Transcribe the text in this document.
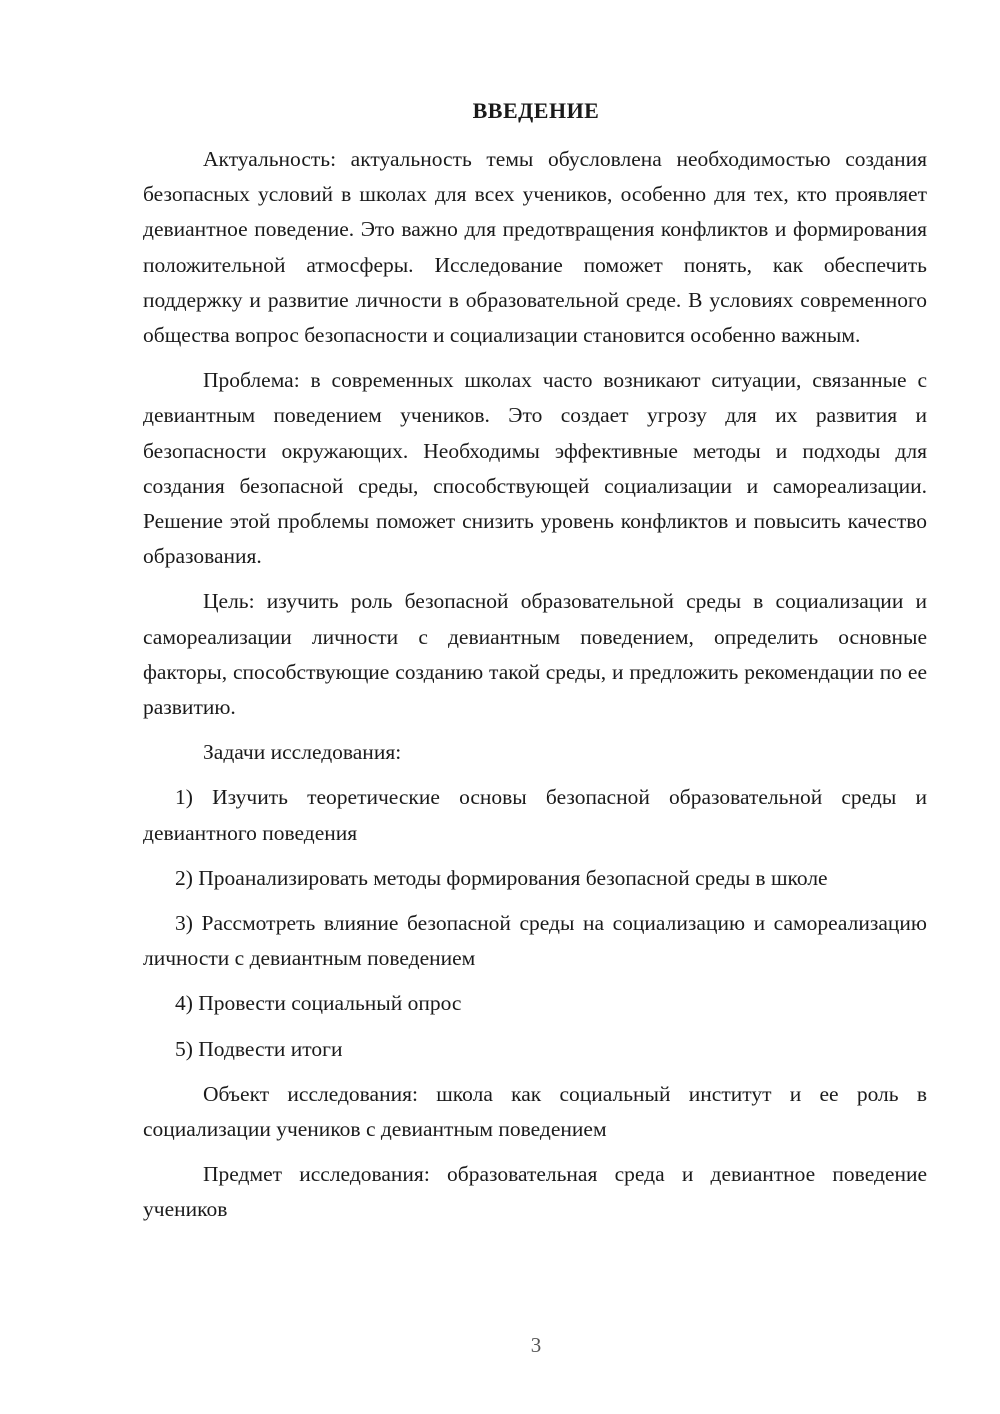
ВВЕДЕНИЕ

Актуальность: актуальность темы обусловлена необходимостью создания безопасных условий в школах для всех учеников, особенно для тех, кто проявляет девиантное поведение. Это важно для предотвращения конфликтов и формирования положительной атмосферы. Исследование поможет понять, как обеспечить поддержку и развитие личности в образовательной среде. В условиях современного общества вопрос безопасности и социализации становится особенно важным.

Проблема: в современных школах часто возникают ситуации, связанные с девиантным поведением учеников. Это создает угрозу для их развития и безопасности окружающих. Необходимы эффективные методы и подходы для создания безопасной среды, способствующей социализации и самореализации. Решение этой проблемы поможет снизить уровень конфликтов и повысить качество образования.

Цель: изучить роль безопасной образовательной среды в социализации и самореализации личности с девиантным поведением, определить основные факторы, способствующие созданию такой среды, и предложить рекомендации по ее развитию.

Задачи исследования:

1) Изучить теоретические основы безопасной образовательной среды и девиантного поведения

2) Проанализировать методы формирования безопасной среды в школе

3) Рассмотреть влияние безопасной среды на социализацию и самореализацию личности с девиантным поведением

4) Провести социальный опрос

5) Подвести итоги

Объект исследования: школа как социальный институт и ее роль в социализации учеников с девиантным поведением

Предмет исследования: образовательная среда и девиантное поведение учеников

3
